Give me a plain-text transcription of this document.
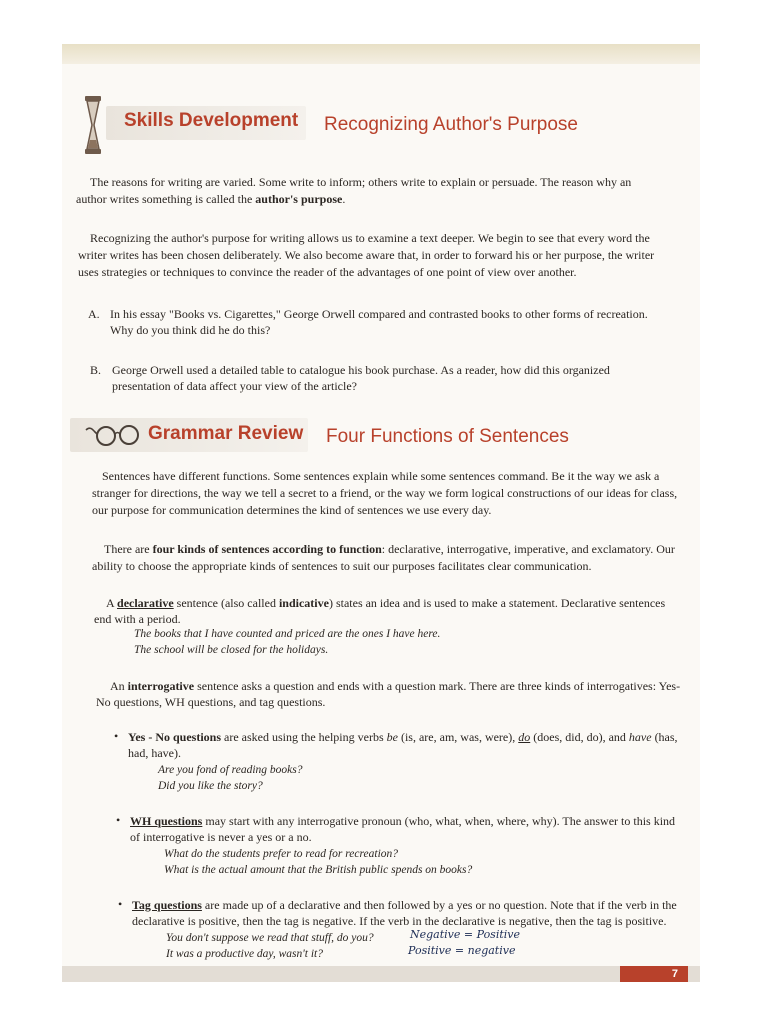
Skills Development Recognizing Author's Purpose

The reasons for writing are varied. Some write to inform; others write to explain or persuade. The reason why an

author writes something is called the author's purpose.

Recognizing the author's purpose for writing allows us to examine a text deeper. We begin to see that every word the

writer writes has been chosen deliberately. We also become aware that, in order to forward his or her purpose, the writer

uses strategies or techniques to convince the reader of the advantages of one point of view over another.

A. In his essay "Books vs. Cigarettes," George Orwell compared and contrasted books to other forms of recreation.

Why do you think did he do this?

B. George Orwell used a detailed table to catalogue his book purchase. As a reader, how did this organized

presentation of data affect your view of the article?

Grammar Review Four Functions of Sentences

Sentences have different functions. Some sentences explain while some sentences command. Be it the way we ask a

stranger for directions, the way we tell a secret to a friend, or the way we form logical constructions of our ideas for class,

our purpose for communication determines the kind of sentences we use every day.

There are four kinds of sentences according to function: declarative, interrogative, imperative, and exclamatory. Our

ability to choose the appropriate kinds of sentences to suit our purposes facilitates clear communication.

A declarative sentence (also called indicative) states an idea and is used to make a statement. Declarative sentences

end with a period.

The books that I have counted and priced are the ones I have here.

The school will be closed for the holidays.

An interrogative sentence asks a question and ends with a question mark. There are three kinds of interrogatives: Yes-

No questions, WH questions, and tag questions.

• Yes - No questions are asked using the helping verbs be (is, are, am, was, were), do (does, did, do), and have (has,

had, have).

Are you fond of reading books?

Did you like the story?

• WH questions may start with any interrogative pronoun (who, what, when, where, why). The answer to this kind

of interrogative is never a yes or a no.

What do the students prefer to read for recreation?

What is the actual amount that the British public spends on books?

• Tag questions are made up of a declarative and then followed by a yes or no question. Note that if the verb in the

declarative is positive, then the tag is negative. If the verb in the declarative is negative, then the tag is positive.

You don't suppose we read that stuff, do you?

It was a productive day, wasn't it?

Negative = Positive
Positive = negative
7
